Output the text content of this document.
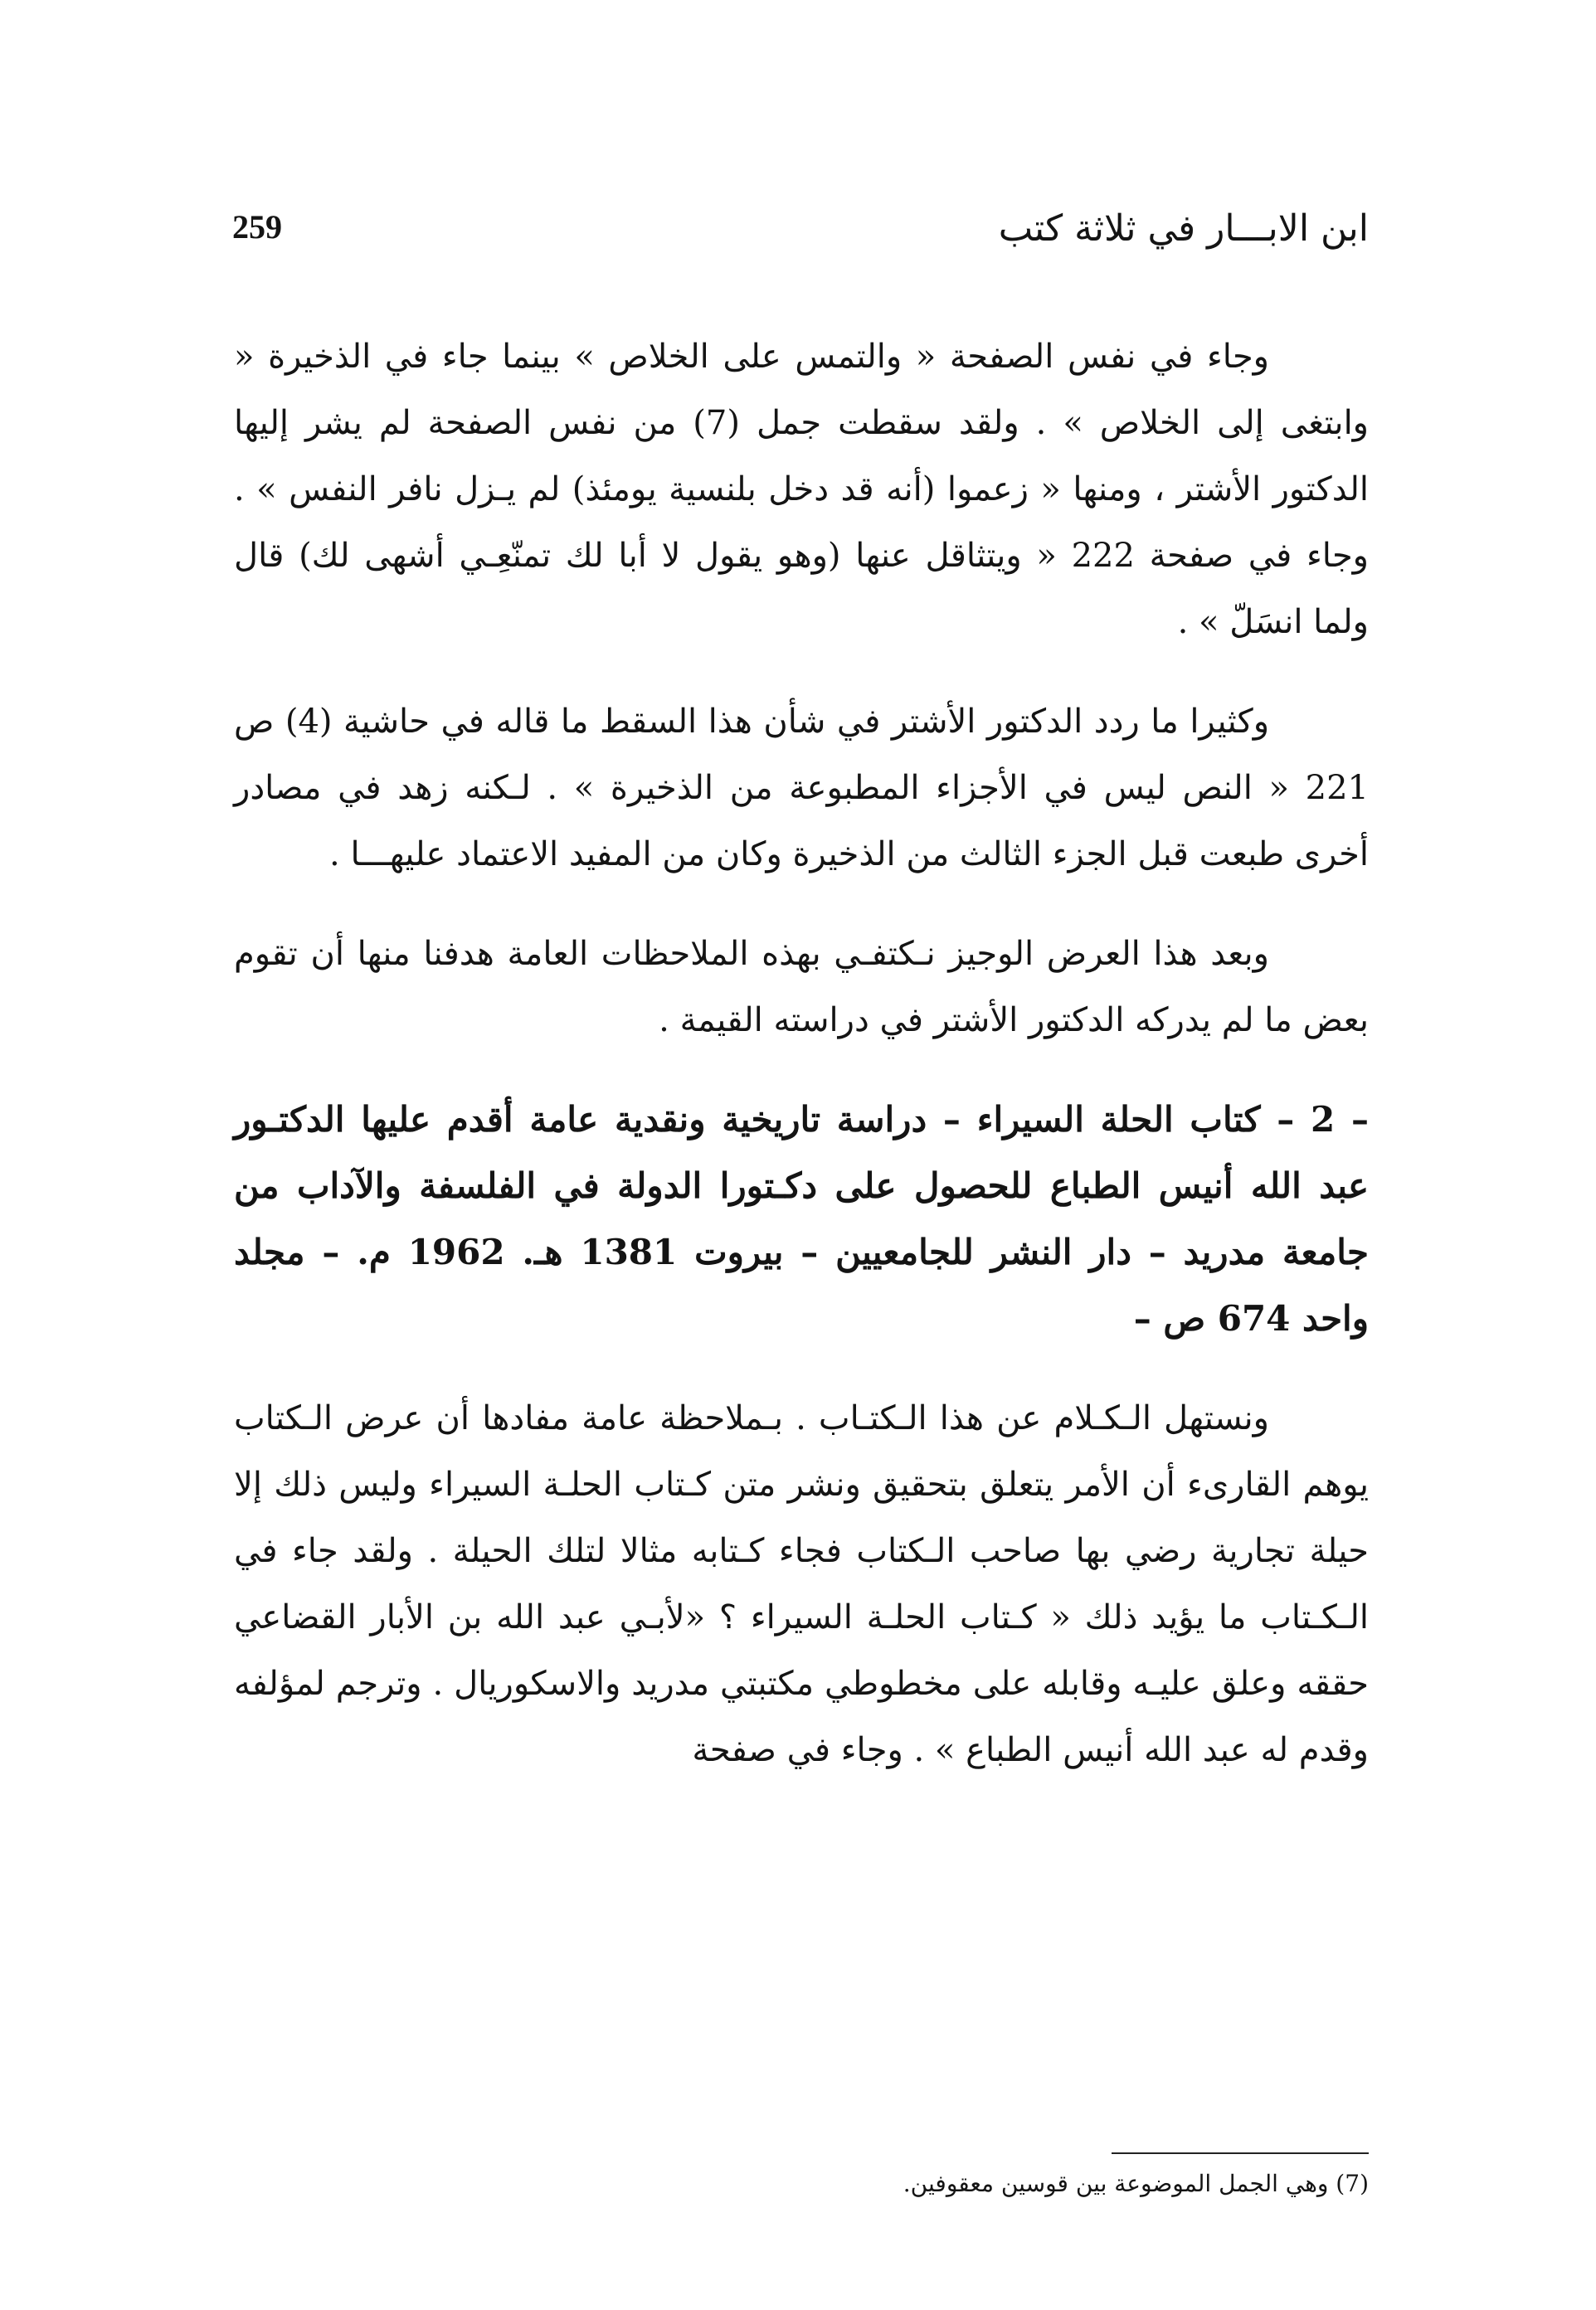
259	ابن الابـــار في ثلاثة كتب

وجاء في نفس الصفحة « والتمس على الخلاص » بينما جاء في الذخيرة « وابتغى إلى الخلاص » . ولقد سقطت جمل (7) من نفس الصفحة لم يشر إليها الدكتور الأشتر ، ومنها « زعموا (أنه قد دخل بلنسية يومئذ) لم يـزل نافر النفس » . وجاء في صفحة 222 « ويتثاقل عنها (وهو يقول لا أبا لك تمنّعِـي أشهى لك) قال ولما انسَلّ » .

وكثيرا ما ردد الدكتور الأشتر في شأن هذا السقط ما قاله في حاشية (4) ص 221 « النص ليس في الأجزاء المطبوعة من الذخيرة » . لـكنه زهد في مصادر أخرى طبعت قبل الجزء الثالث من الذخيرة وكان من المفيد الاعتماد عليهـــا .

وبعد هذا العرض الوجيز نـكتفـي بهذه الملاحظات العامة هدفنا منها أن تقوم بعض ما لم يدركه الدكتور الأشتر في دراسته القيمة .

– 2 – كتاب الحلة السيراء – دراسة تاريخية ونقدية عامة أقدم عليها الدكتـور عبد الله أنيس الطباع للحصول على دكـتورا الدولة في الفلسفة والآداب من جامعة مدريد – دار النشر للجامعيين – بيروت 1381 هـ. 1962 م. – مجلد واحد 674 ص –

ونستهل الـكـلام عن هذا الـكتـاب . بـملاحظة عامة مفادها أن عرض الـكتاب يوهم القارىء أن الأمر يتعلق بتحقيق ونشر متن كـتاب الحلـة السيراء وليس ذلك إلا حيلة تجارية رضي بها صاحب الـكتاب فجاء كـتابه مثالا لتلك الحيلة . ولقد جاء في الـكـتاب ما يؤيد ذلك « كـتاب الحلـة السيراء ؟ «لأبـي عبد الله بن الأبار القضاعي حققه وعلق عليـه وقابله على مخطوطي مكتبتي مدريد والاسكوريال . وترجم لمؤلفه وقدم له عبد الله أنيس الطباع » . وجاء في صفحة

(7) وهي الجمل الموضوعة بين قوسين معقوفين.
